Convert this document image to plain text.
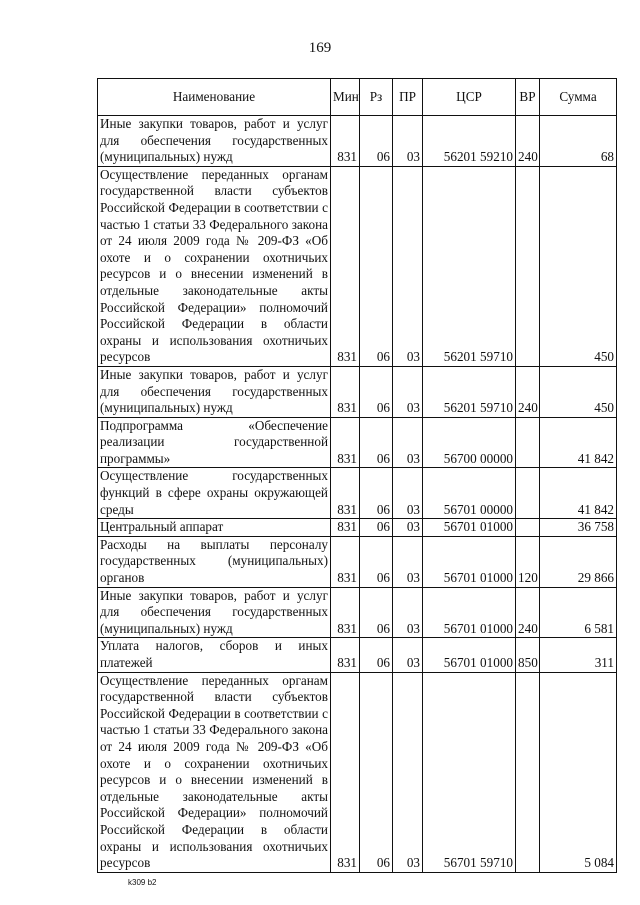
169
Наименование	Мин	Рз	ПР	ЦСР	ВР	Сумма
Иные закупки товаров, работ и услуг для обеспечения государственных (муниципальных) нужд	831	06	03	56201 59210	240	68
Осуществление переданных органам государственной власти субъектов Российской Федерации в соответствии с частью 1 статьи 33 Федерального закона от 24 июля 2009 года № 209-ФЗ «Об охоте и о сохранении охотничьих ресурсов и о внесении изменений в отдельные законодательные акты Российской Федерации» полномочий Российской Федерации в области охраны и использования охотничьих ресурсов	831	06	03	56201 59710		450
Иные закупки товаров, работ и услуг для обеспечения государственных (муниципальных) нужд	831	06	03	56201 59710	240	450
Подпрограмма «Обеспечение реализации государственной программы»	831	06	03	56700 00000		41 842
Осуществление государственных функций в сфере охраны окружающей среды	831	06	03	56701 00000		41 842
Центральный аппарат	831	06	03	56701 01000		36 758
Расходы на выплаты персоналу государственных (муниципальных) органов	831	06	03	56701 01000	120	29 866
Иные закупки товаров, работ и услуг для обеспечения государственных (муниципальных) нужд	831	06	03	56701 01000	240	6 581
Уплата налогов, сборов и иных платежей	831	06	03	56701 01000	850	311
Осуществление переданных органам государственной власти субъектов Российской Федерации в соответствии с частью 1 статьи 33 Федерального закона от 24 июля 2009 года № 209-ФЗ «Об охоте и о сохранении охотничьих ресурсов и о внесении изменений в отдельные законодательные акты Российской Федерации» полномочий Российской Федерации в области охраны и использования охотничьих ресурсов	831	06	03	56701 59710		5 084
k309 b2
